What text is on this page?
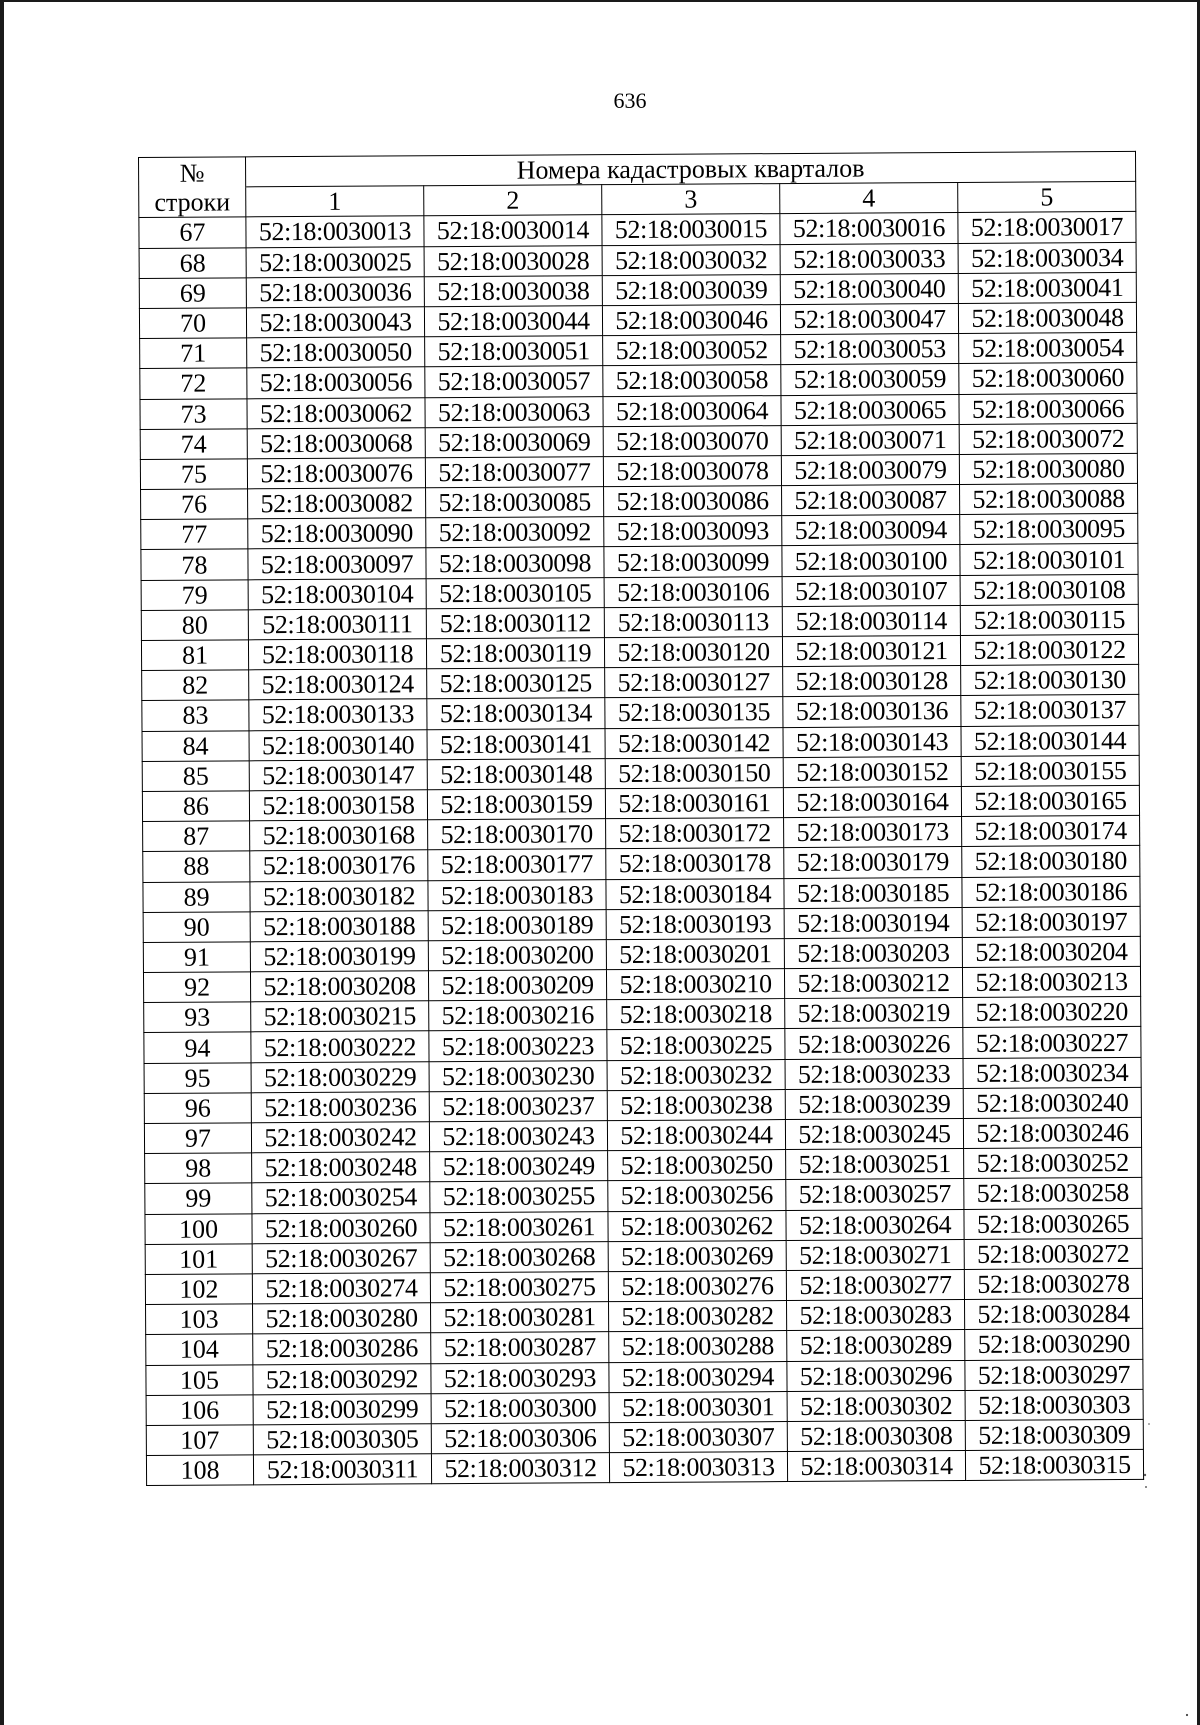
636
№	Номера кадастровых кварталов				
строки	1	2	3	4	5
67	52:18:0030013	52:18:0030014	52:18:0030015	52:18:0030016	52:18:0030017
68	52:18:0030025	52:18:0030028	52:18:0030032	52:18:0030033	52:18:0030034
69	52:18:0030036	52:18:0030038	52:18:0030039	52:18:0030040	52:18:0030041
70	52:18:0030043	52:18:0030044	52:18:0030046	52:18:0030047	52:18:0030048
71	52:18:0030050	52:18:0030051	52:18:0030052	52:18:0030053	52:18:0030054
72	52:18:0030056	52:18:0030057	52:18:0030058	52:18:0030059	52:18:0030060
73	52:18:0030062	52:18:0030063	52:18:0030064	52:18:0030065	52:18:0030066
74	52:18:0030068	52:18:0030069	52:18:0030070	52:18:0030071	52:18:0030072
75	52:18:0030076	52:18:0030077	52:18:0030078	52:18:0030079	52:18:0030080
76	52:18:0030082	52:18:0030085	52:18:0030086	52:18:0030087	52:18:0030088
77	52:18:0030090	52:18:0030092	52:18:0030093	52:18:0030094	52:18:0030095
78	52:18:0030097	52:18:0030098	52:18:0030099	52:18:0030100	52:18:0030101
79	52:18:0030104	52:18:0030105	52:18:0030106	52:18:0030107	52:18:0030108
80	52:18:0030111	52:18:0030112	52:18:0030113	52:18:0030114	52:18:0030115
81	52:18:0030118	52:18:0030119	52:18:0030120	52:18:0030121	52:18:0030122
82	52:18:0030124	52:18:0030125	52:18:0030127	52:18:0030128	52:18:0030130
83	52:18:0030133	52:18:0030134	52:18:0030135	52:18:0030136	52:18:0030137
84	52:18:0030140	52:18:0030141	52:18:0030142	52:18:0030143	52:18:0030144
85	52:18:0030147	52:18:0030148	52:18:0030150	52:18:0030152	52:18:0030155
86	52:18:0030158	52:18:0030159	52:18:0030161	52:18:0030164	52:18:0030165
87	52:18:0030168	52:18:0030170	52:18:0030172	52:18:0030173	52:18:0030174
88	52:18:0030176	52:18:0030177	52:18:0030178	52:18:0030179	52:18:0030180
89	52:18:0030182	52:18:0030183	52:18:0030184	52:18:0030185	52:18:0030186
90	52:18:0030188	52:18:0030189	52:18:0030193	52:18:0030194	52:18:0030197
91	52:18:0030199	52:18:0030200	52:18:0030201	52:18:0030203	52:18:0030204
92	52:18:0030208	52:18:0030209	52:18:0030210	52:18:0030212	52:18:0030213
93	52:18:0030215	52:18:0030216	52:18:0030218	52:18:0030219	52:18:0030220
94	52:18:0030222	52:18:0030223	52:18:0030225	52:18:0030226	52:18:0030227
95	52:18:0030229	52:18:0030230	52:18:0030232	52:18:0030233	52:18:0030234
96	52:18:0030236	52:18:0030237	52:18:0030238	52:18:0030239	52:18:0030240
97	52:18:0030242	52:18:0030243	52:18:0030244	52:18:0030245	52:18:0030246
98	52:18:0030248	52:18:0030249	52:18:0030250	52:18:0030251	52:18:0030252
99	52:18:0030254	52:18:0030255	52:18:0030256	52:18:0030257	52:18:0030258
100	52:18:0030260	52:18:0030261	52:18:0030262	52:18:0030264	52:18:0030265
101	52:18:0030267	52:18:0030268	52:18:0030269	52:18:0030271	52:18:0030272
102	52:18:0030274	52:18:0030275	52:18:0030276	52:18:0030277	52:18:0030278
103	52:18:0030280	52:18:0030281	52:18:0030282	52:18:0030283	52:18:0030284
104	52:18:0030286	52:18:0030287	52:18:0030288	52:18:0030289	52:18:0030290
105	52:18:0030292	52:18:0030293	52:18:0030294	52:18:0030296	52:18:0030297
106	52:18:0030299	52:18:0030300	52:18:0030301	52:18:0030302	52:18:0030303
107	52:18:0030305	52:18:0030306	52:18:0030307	52:18:0030308	52:18:0030309
108	52:18:0030311	52:18:0030312	52:18:0030313	52:18:0030314	52:18:0030315
